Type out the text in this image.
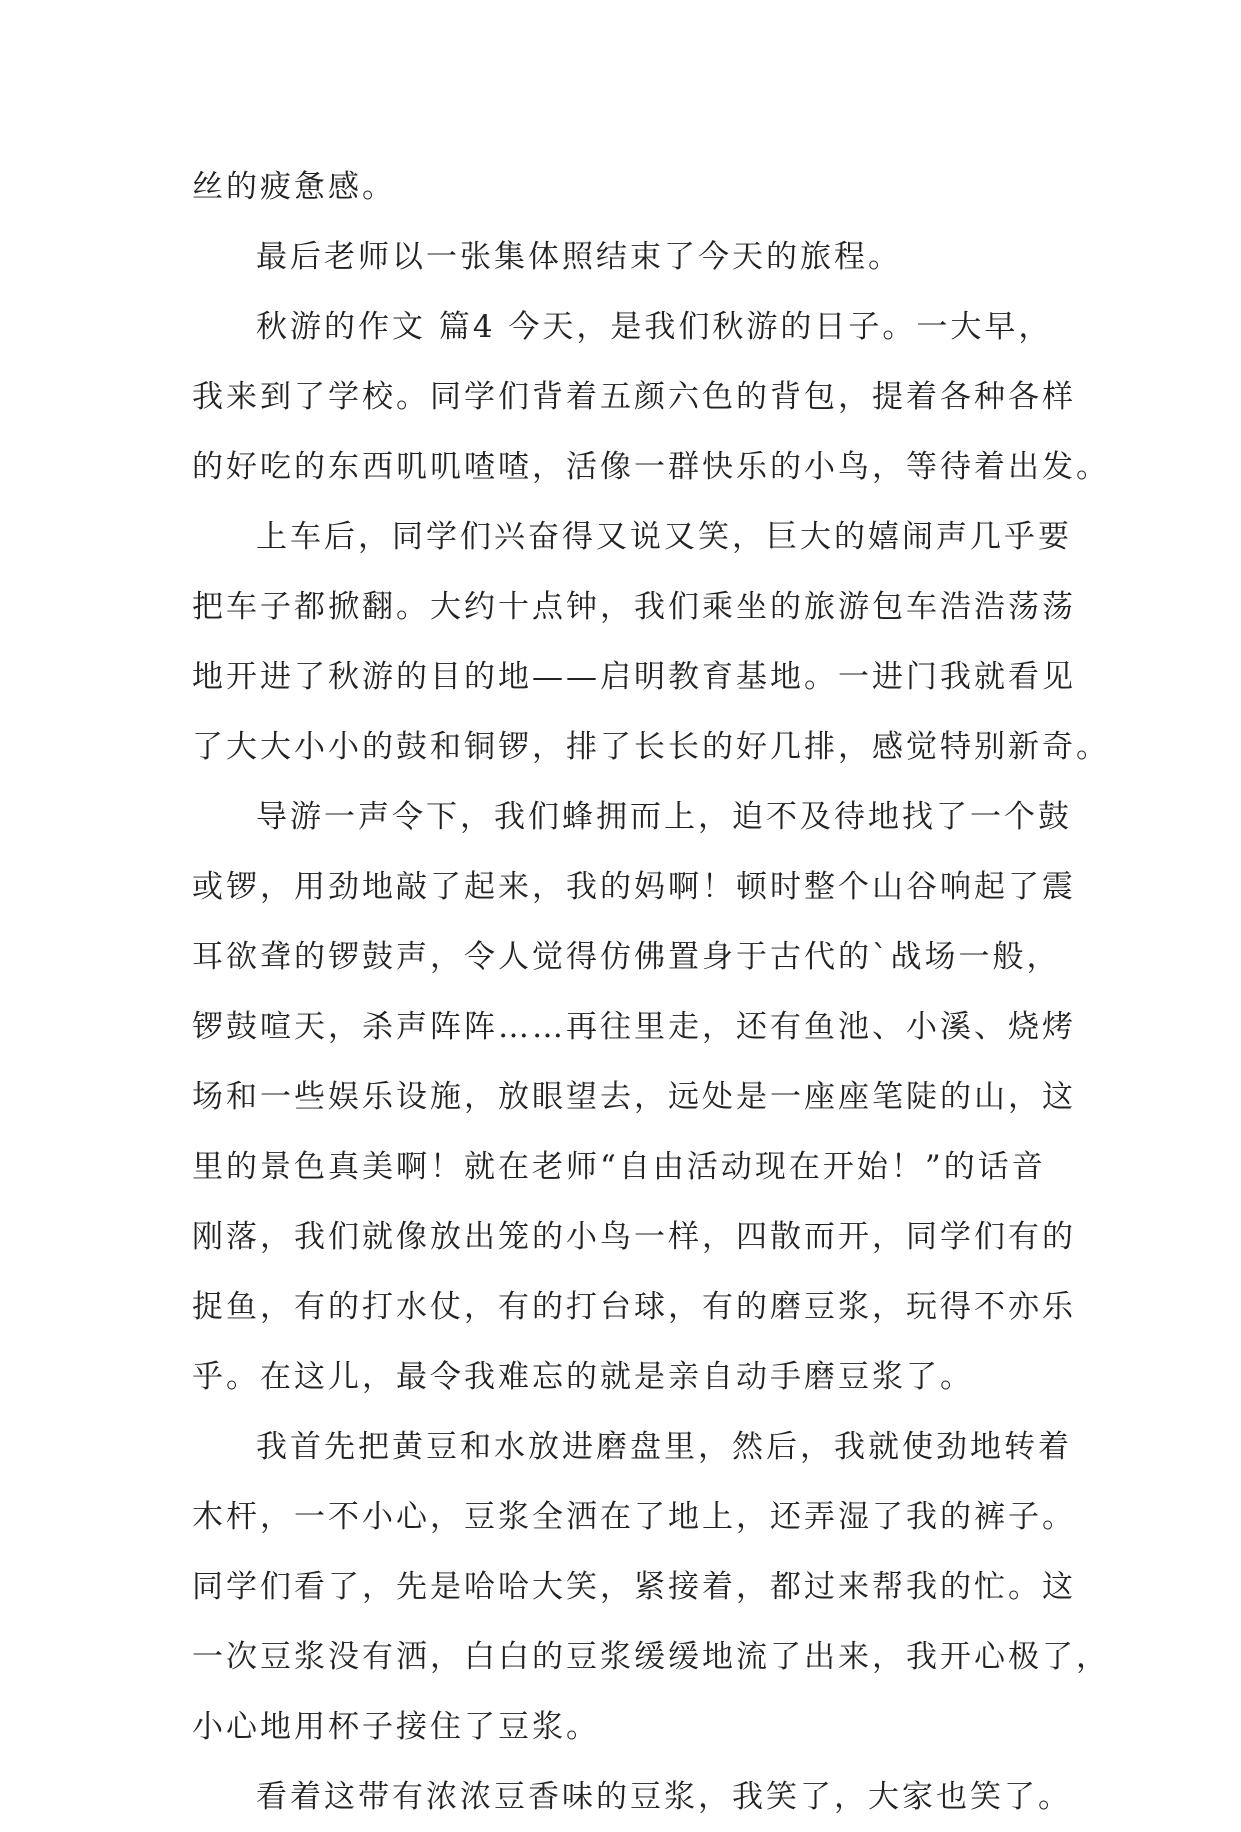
丝的疲惫感。
最后老师以一张集体照结束了今天的旅程。
秋游的作文 篇4 今天，是我们秋游的日子。一大早，
我来到了学校。同学们背着五颜六色的背包，提着各种各样
的好吃的东西叽叽喳喳，活像一群快乐的小鸟，等待着出发。
上车后，同学们兴奋得又说又笑，巨大的嬉闹声几乎要
把车子都掀翻。大约十点钟，我们乘坐的旅游包车浩浩荡荡
地开进了秋游的目的地——启明教育基地。一进门我就看见
了大大小小的鼓和铜锣，排了长长的好几排，感觉特别新奇。
导游一声令下，我们蜂拥而上，迫不及待地找了一个鼓
或锣，用劲地敲了起来，我的妈啊！顿时整个山谷响起了震
耳欲聋的锣鼓声，令人觉得仿佛置身于古代的`战场一般，
锣鼓喧天，杀声阵阵……再往里走，还有鱼池、小溪、烧烤
场和一些娱乐设施，放眼望去，远处是一座座笔陡的山，这
里的景色真美啊！就在老师“自由活动现在开始！”的话音
刚落，我们就像放出笼的小鸟一样，四散而开，同学们有的
捉鱼，有的打水仗，有的打台球，有的磨豆浆，玩得不亦乐
乎。在这儿，最令我难忘的就是亲自动手磨豆浆了。
我首先把黄豆和水放进磨盘里，然后，我就使劲地转着
木杆，一不小心，豆浆全洒在了地上，还弄湿了我的裤子。
同学们看了，先是哈哈大笑，紧接着，都过来帮我的忙。这
一次豆浆没有洒，白白的豆浆缓缓地流了出来，我开心极了，
小心地用杯子接住了豆浆。
看着这带有浓浓豆香味的豆浆，我笑了，大家也笑了。
